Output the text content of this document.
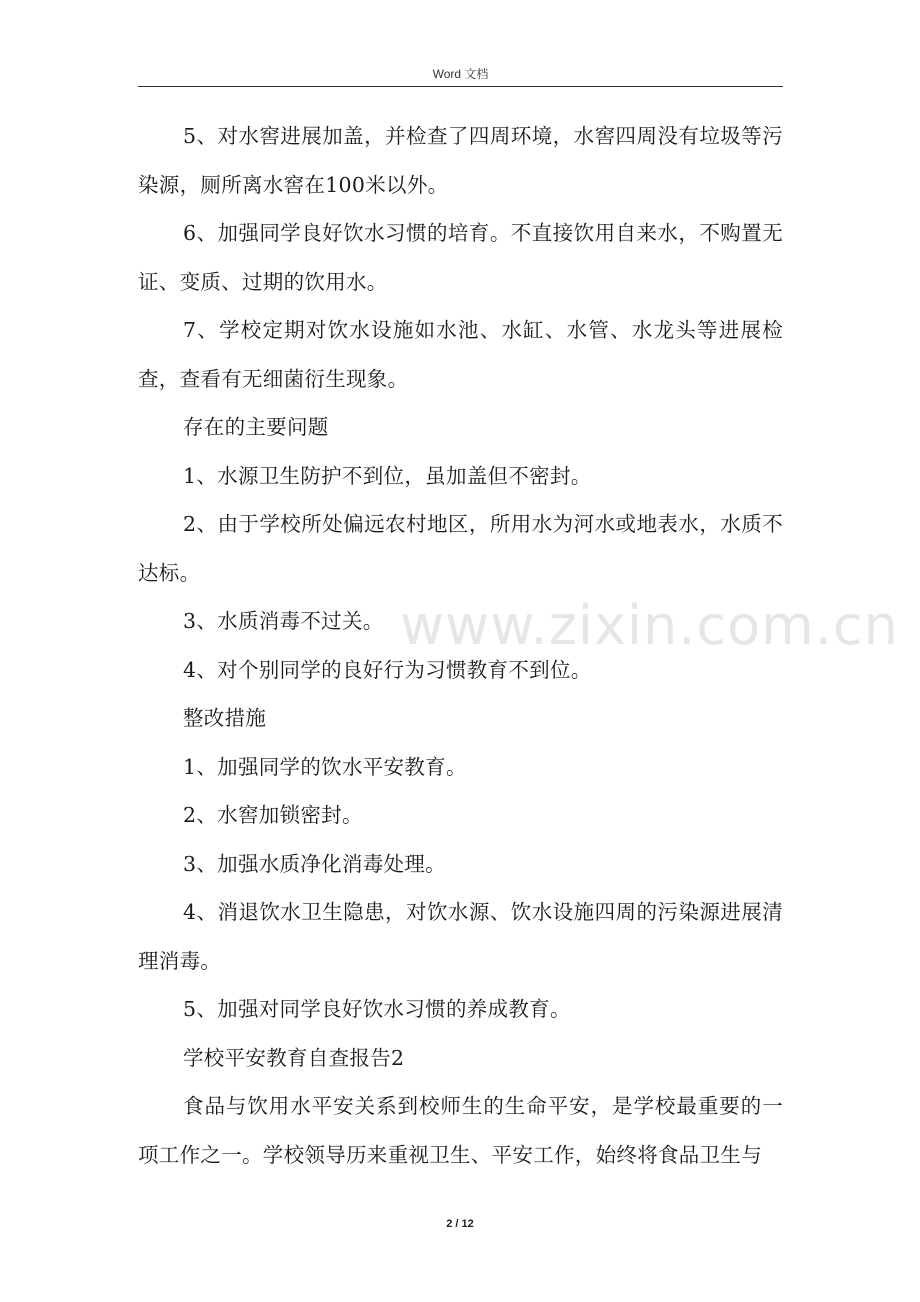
Word 文档

5、对水窖进展加盖，并检查了四周环境，水窖四周没有垃圾等污染源，厕所离水窖在100米以外。

6、加强同学良好饮水习惯的培育。不直接饮用自来水，不购置无证、变质、过期的饮用水。

7、学校定期对饮水设施如水池、水缸、水管、水龙头等进展检查，查看有无细菌衍生现象。

存在的主要问题

1、水源卫生防护不到位，虽加盖但不密封。

2、由于学校所处偏远农村地区，所用水为河水或地表水，水质不达标。

3、水质消毒不过关。

4、对个别同学的良好行为习惯教育不到位。

整改措施

1、加强同学的饮水平安教育。

2、水窖加锁密封。

3、加强水质净化消毒处理。

4、消退饮水卫生隐患，对饮水源、饮水设施四周的污染源进展清理消毒。

5、加强对同学良好饮水习惯的养成教育。

学校平安教育自查报告2

食品与饮用水平安关系到校师生的生命平安，是学校最重要的一项工作之一。学校领导历来重视卫生、平安工作，始终将食品卫生与

www.zixin.com.cn
2 / 12
